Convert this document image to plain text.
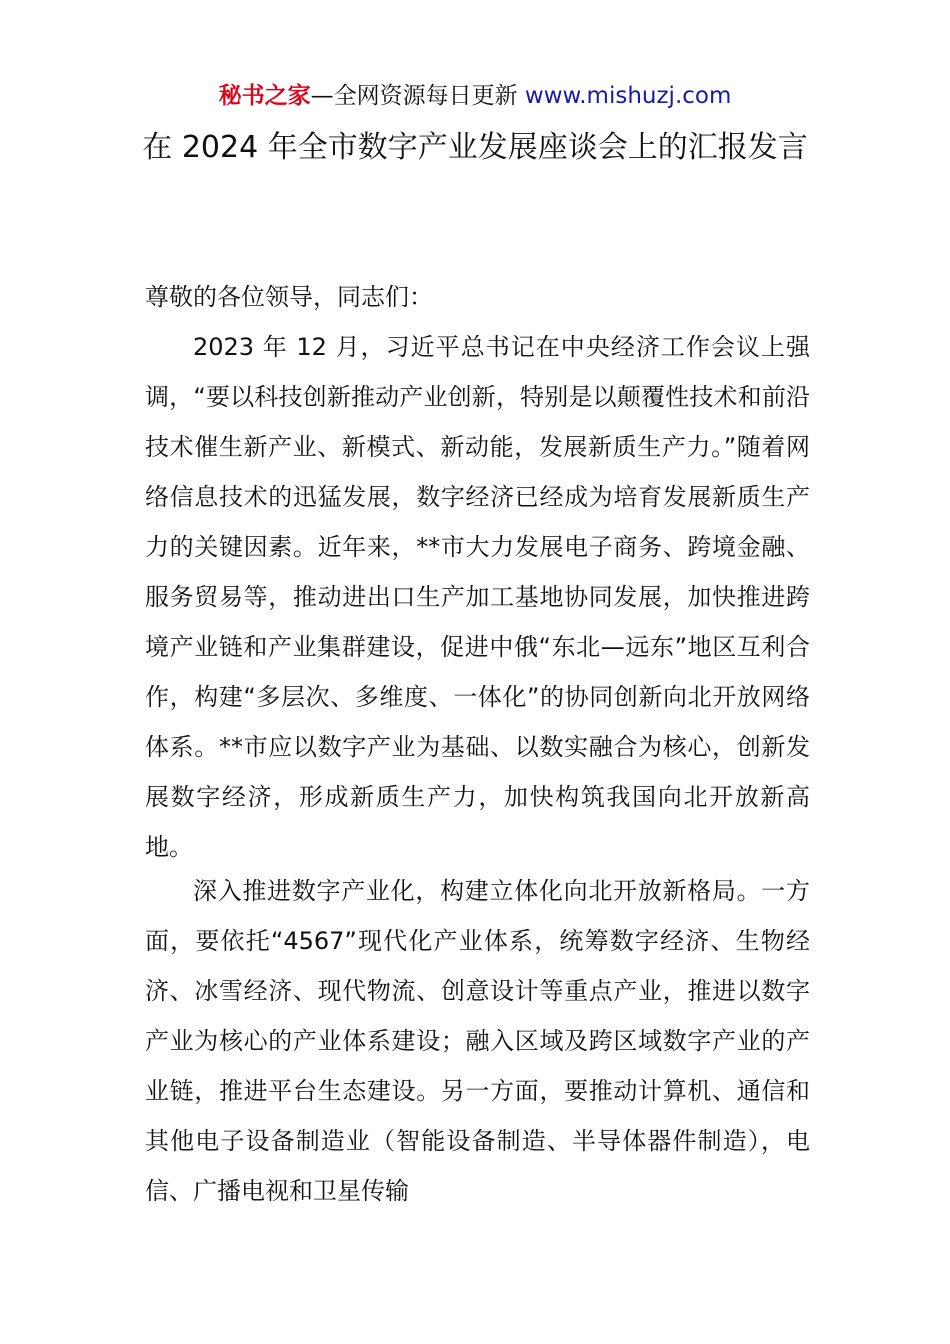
秘书之家—全网资源每日更新 www.mishuzj.com
在 2024 年全市数字产业发展座谈会上的汇报发言
尊敬的各位领导，同志们：
2023 年 12 月，习近平总书记在中央经济工作会议上强调，“要以科技创新推动产业创新，特别是以颠覆性技术和前沿技术催生新产业、新模式、新动能，发展新质生产力。”随着网络信息技术的迅猛发展，数字经济已经成为培育发展新质生产力的关键因素。近年来，**市大力发展电子商务、跨境金融、服务贸易等，推动进出口生产加工基地协同发展，加快推进跨境产业链和产业集群建设，促进中俄“东北—远东”地区互利合作，构建“多层次、多维度、一体化”的协同创新向北开放网络体系。**市应以数字产业为基础、以数实融合为核心，创新发展数字经济，形成新质生产力，加快构筑我国向北开放新高地。
深入推进数字产业化，构建立体化向北开放新格局。一方面，要依托“4567”现代化产业体系，统筹数字经济、生物经济、冰雪经济、现代物流、创意设计等重点产业，推进以数字产业为核心的产业体系建设；融入区域及跨区域数字产业的产业链，推进平台生态建设。另一方面，要推动计算机、通信和其他电子设备制造业（智能设备制造、半导体器件制造），电信、广播电视和卫星传输
